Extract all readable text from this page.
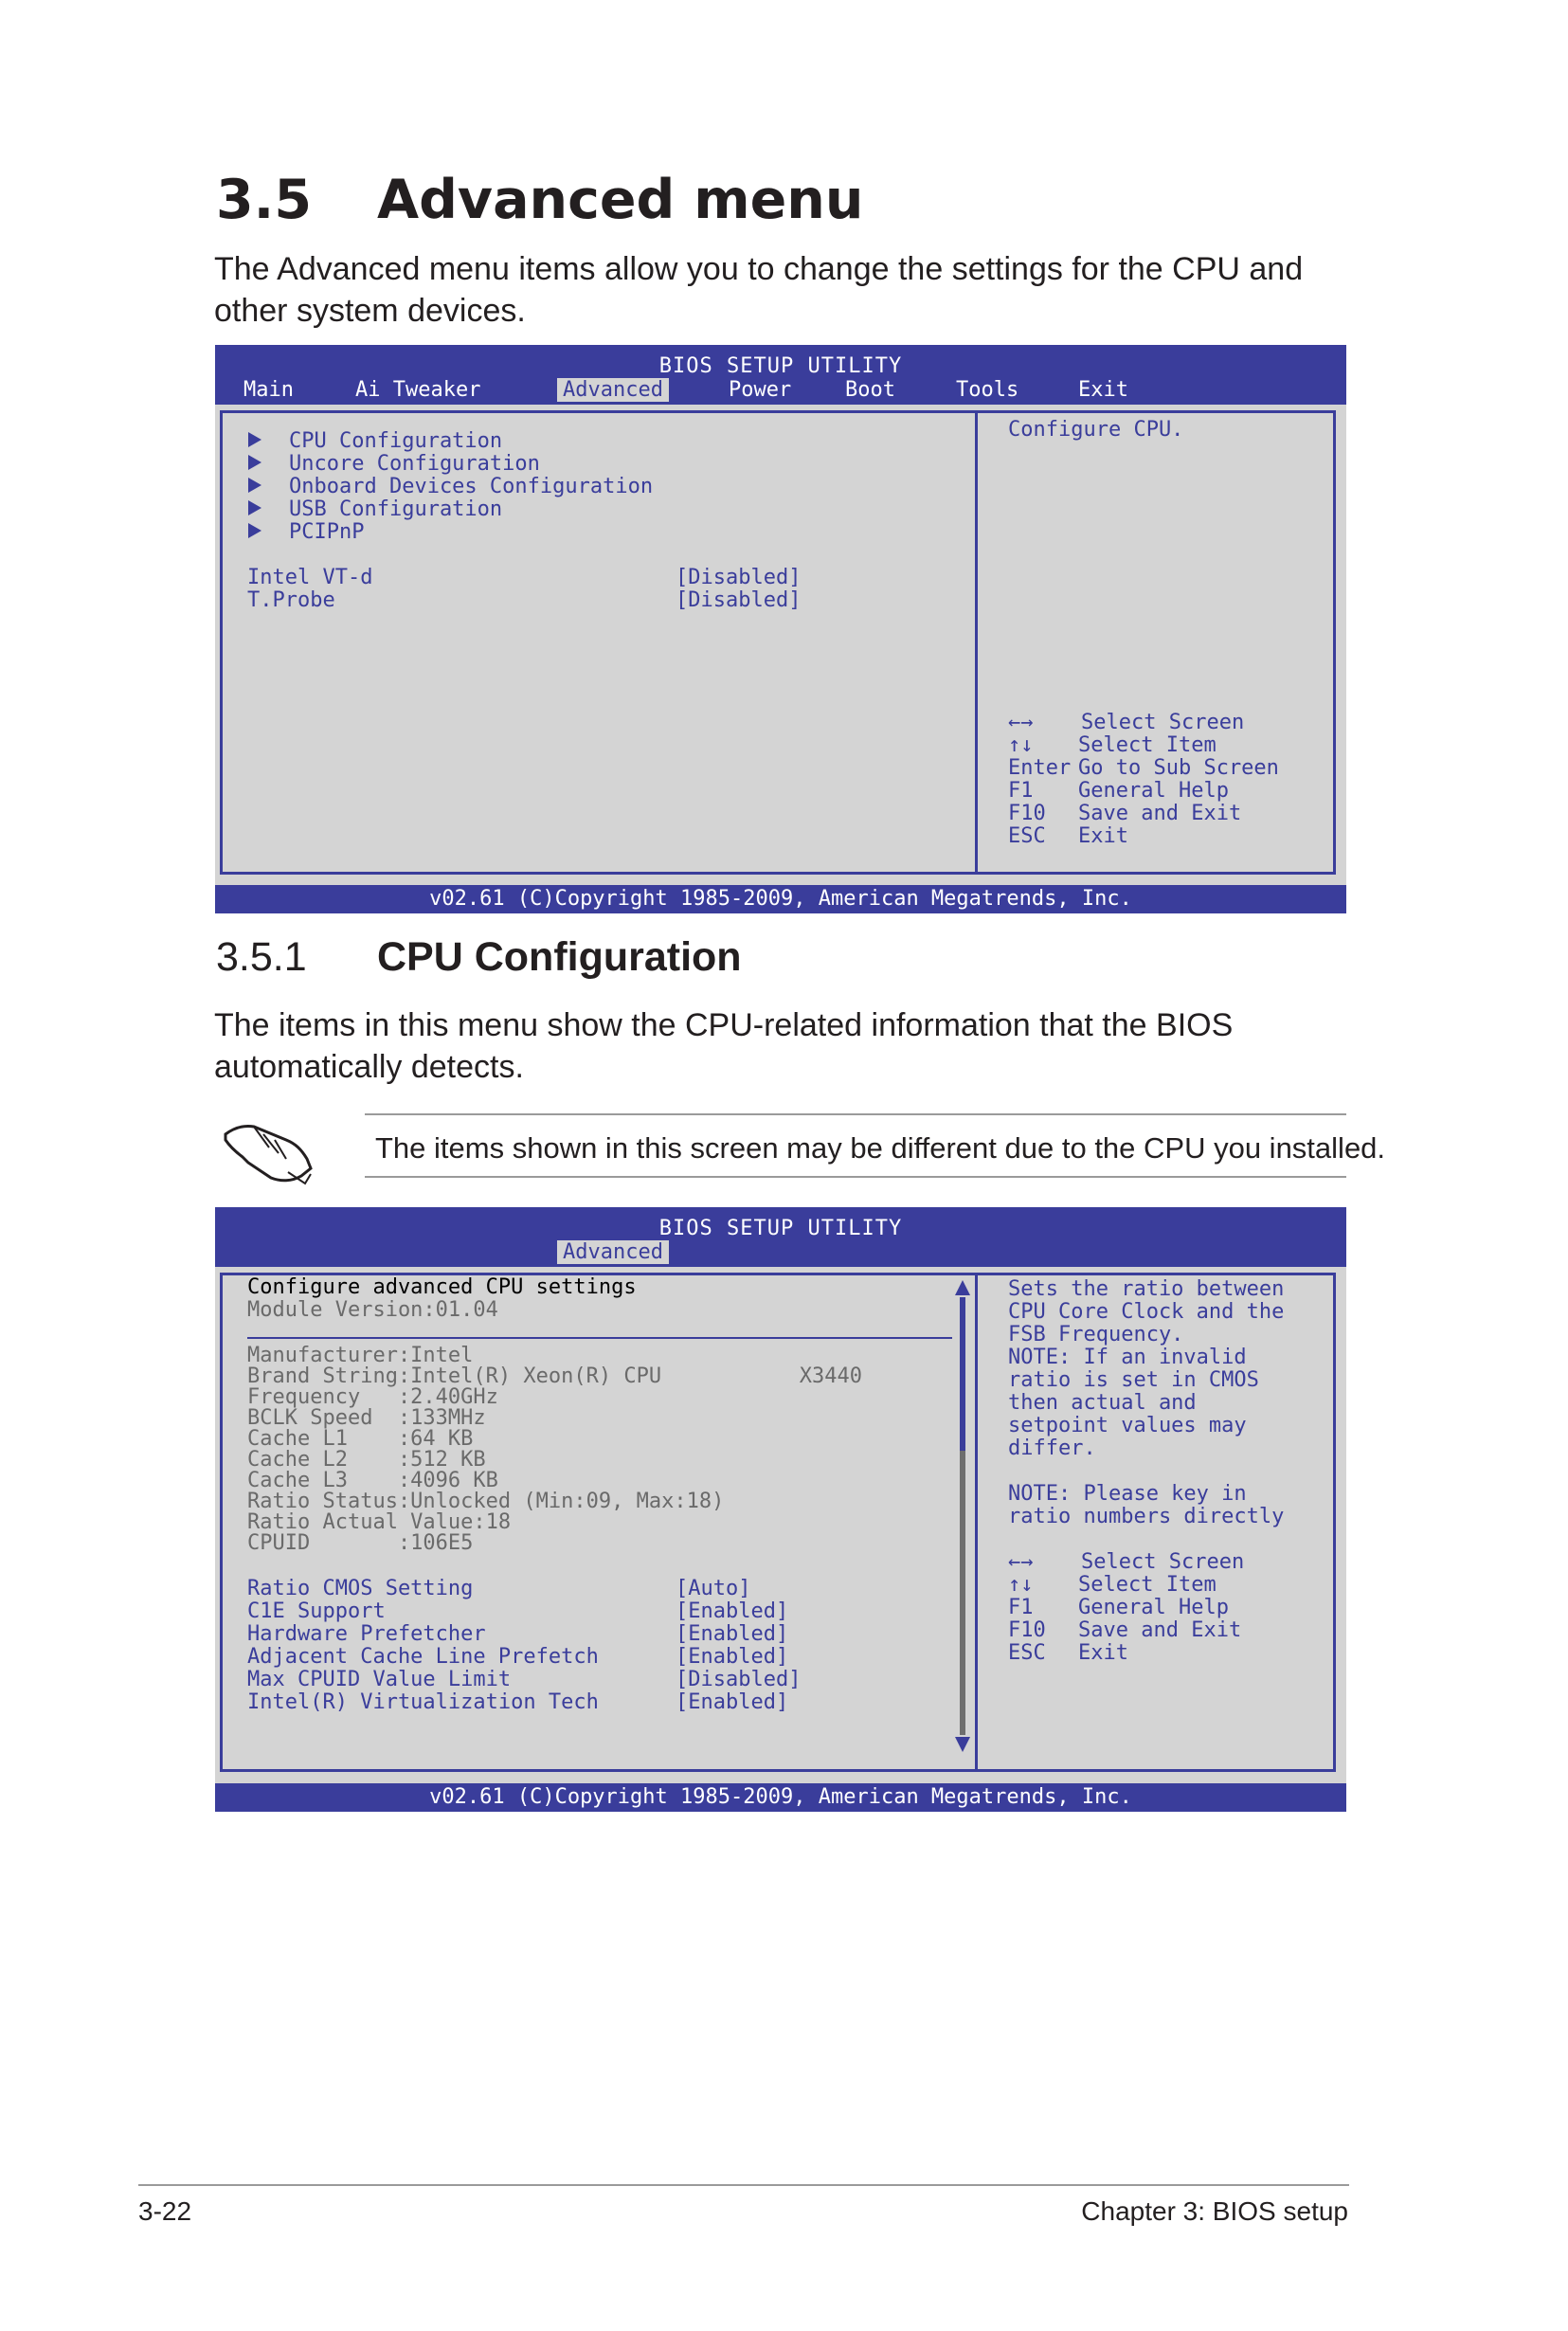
3.5 Advanced menu
The Advanced menu items allow you to change the settings for the CPU and other system devices.
BIOS SETUP UTILITY
Main	Ai Tweaker	Advanced	Power	Boot	Tools	Exit
CPU Configuration
Uncore Configuration
Onboard Devices Configuration
USB Configuration
PCIPnP
Intel VT-d	[Disabled]
T.Probe	[Disabled]
Configure CPU.
←→ Select Screen
↑↓ Select Item
Enter Go to Sub Screen
F1 General Help
F10 Save and Exit
ESC Exit
v02.61 (C)Copyright 1985-2009, American Megatrends, Inc.
3.5.1 CPU Configuration
The items in this menu show the CPU-related information that the BIOS automatically detects.
The items shown in this screen may be different due to the CPU you installed.
BIOS SETUP UTILITY
Advanced
Configure advanced CPU settings
Module Version:01.04
Manufacturer:Intel
Brand String:Intel(R) Xeon(R) CPU           X3440
Frequency   :2.40GHz
BCLK Speed  :133MHz
Cache L1    :64 KB
Cache L2    :512 KB
Cache L3    :4096 KB
Ratio Status:Unlocked (Min:09, Max:18)
Ratio Actual Value:18
CPUID       :106E5
Ratio CMOS Setting	[Auto]
C1E Support	[Enabled]
Hardware Prefetcher	[Enabled]
Adjacent Cache Line Prefetch	[Enabled]
Max CPUID Value Limit	[Disabled]
Intel(R) Virtualization Tech	[Enabled]
Sets the ratio between
CPU Core Clock and the
FSB Frequency.
NOTE: If an invalid
ratio is set in CMOS
then actual and
setpoint values may
differ.
NOTE: Please key in
ratio numbers directly
←→ Select Screen
↑↓ Select Item
F1 General Help
F10 Save and Exit
ESC Exit
v02.61 (C)Copyright 1985-2009, American Megatrends, Inc.
3-22	Chapter 3: BIOS setup
